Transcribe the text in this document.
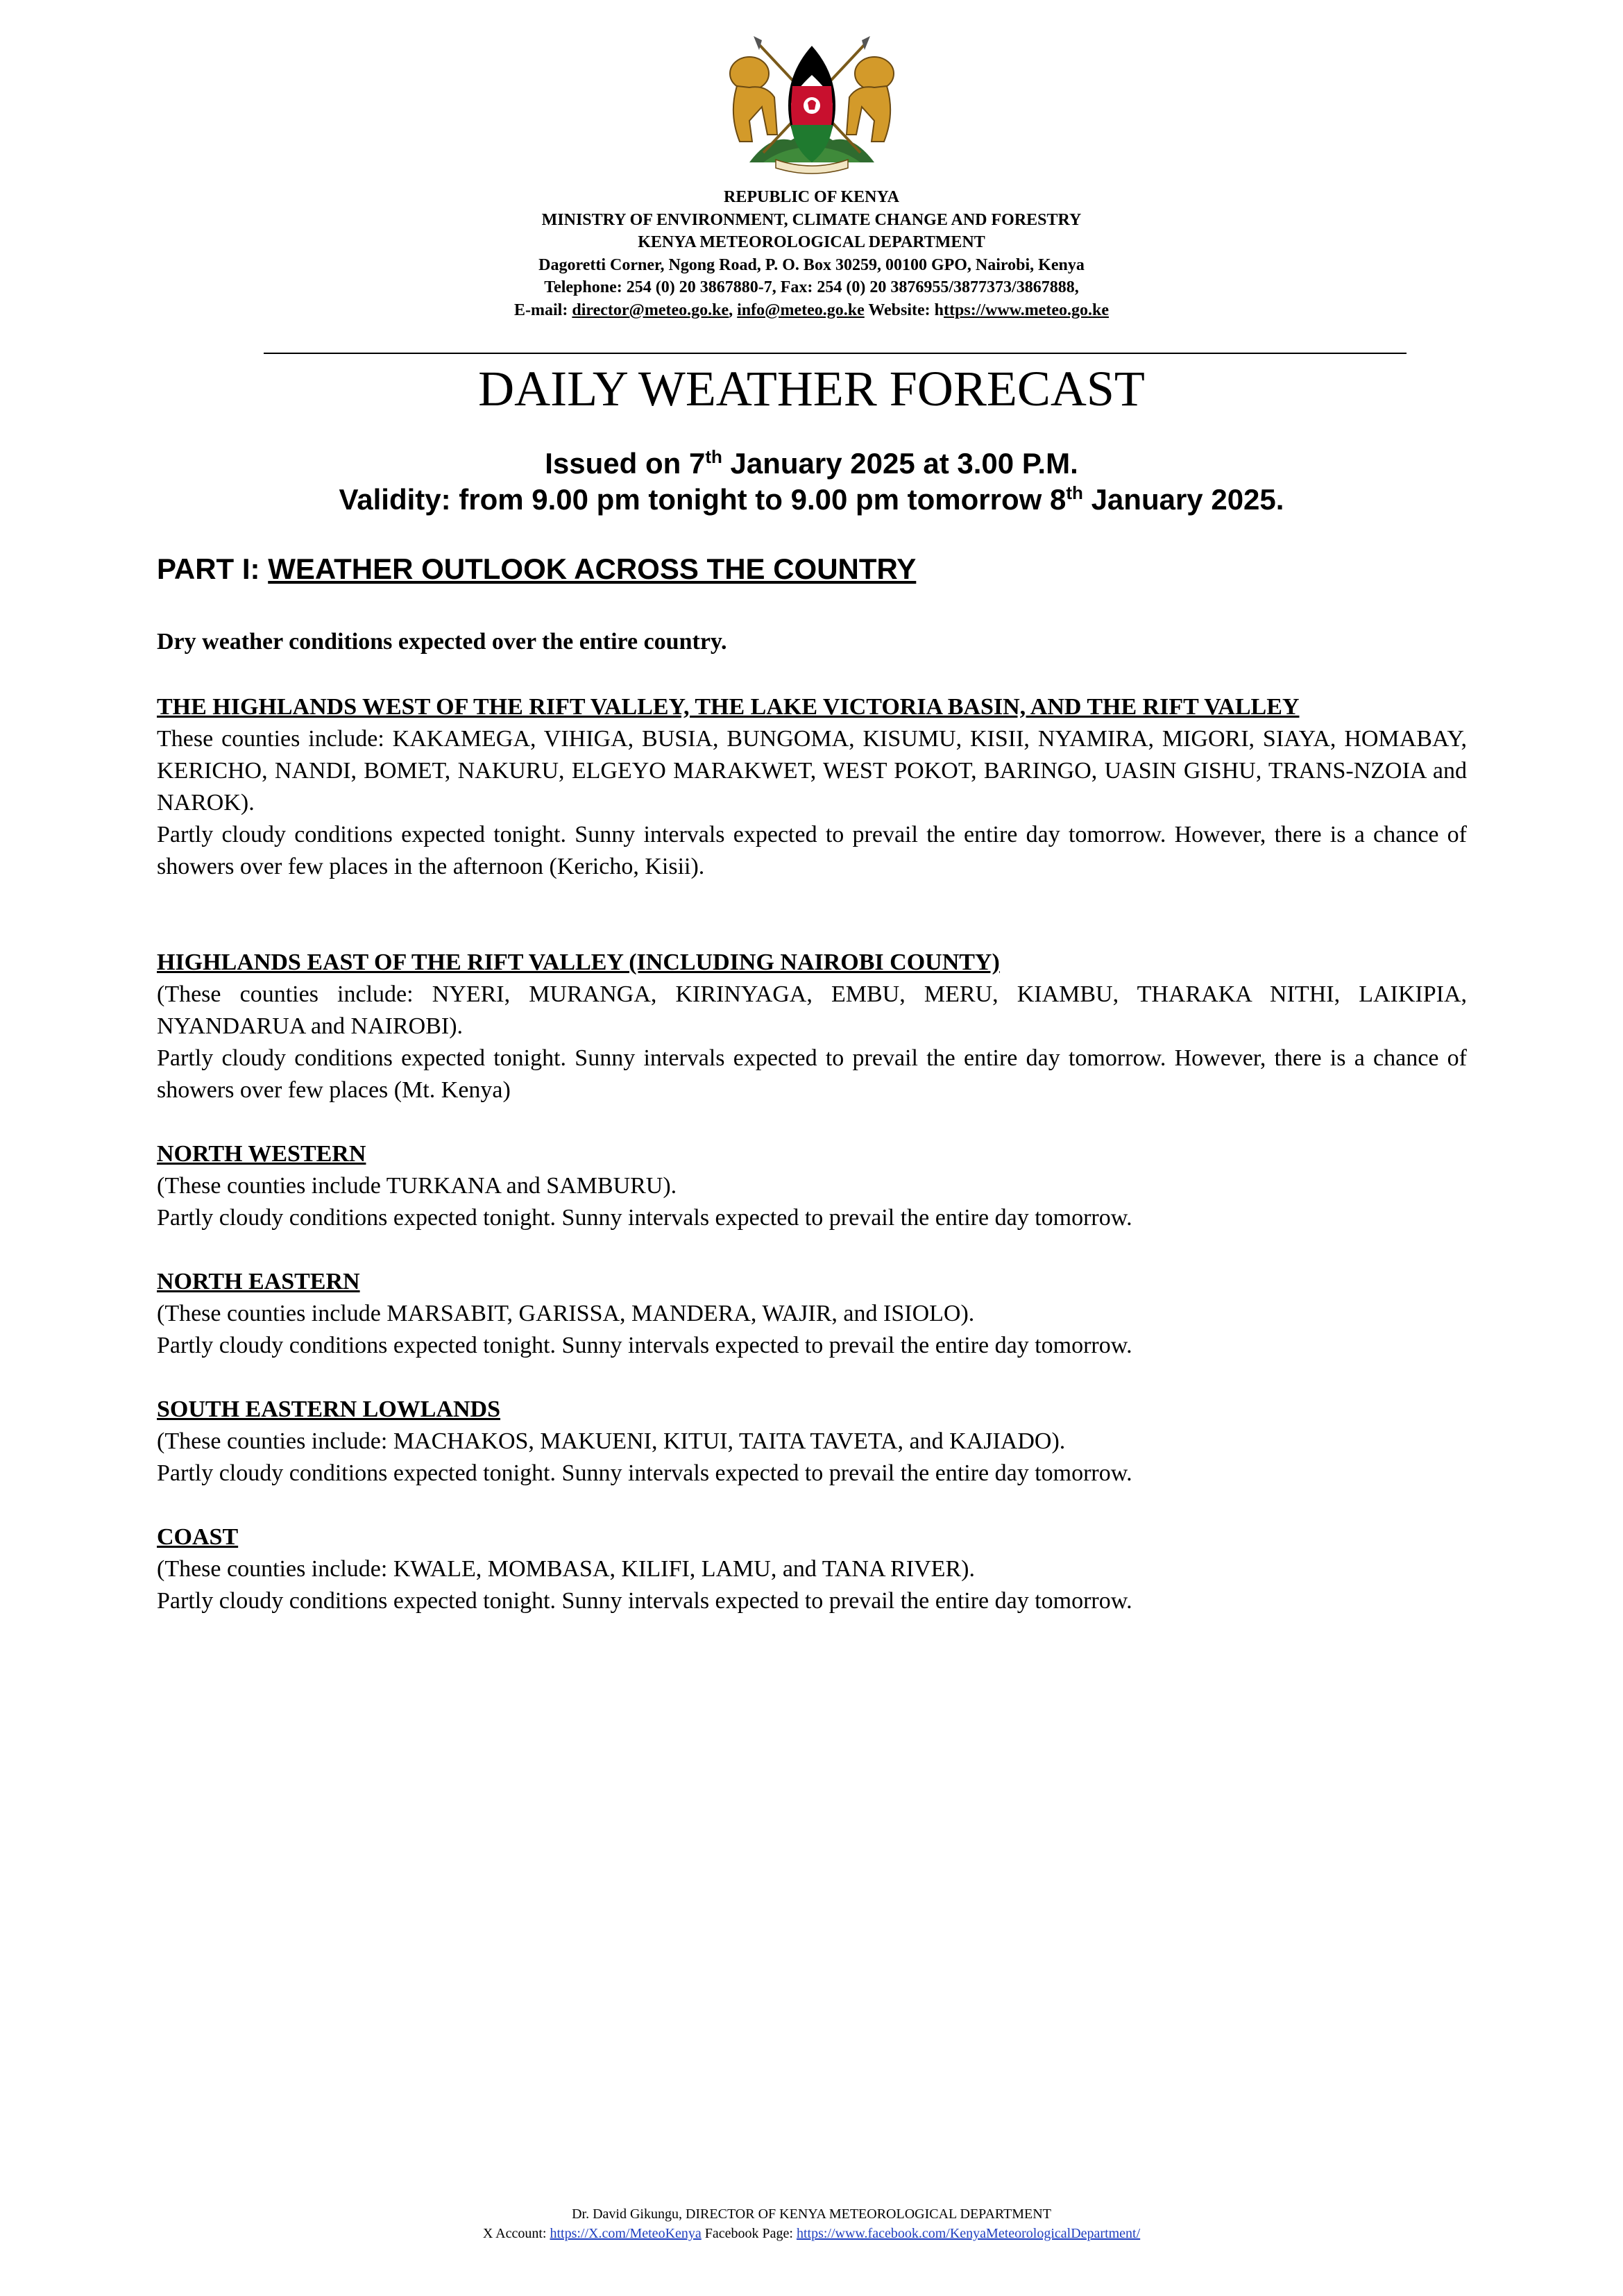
REPUBLIC OF KENYA
MINISTRY OF ENVIRONMENT, CLIMATE CHANGE AND FORESTRY
KENYA METEOROLOGICAL DEPARTMENT
Dagoretti Corner, Ngong Road, P. O. Box 30259, 00100 GPO, Nairobi, Kenya
Telephone: 254 (0) 20 3867880-7, Fax: 254 (0) 20 3876955/3877373/3867888,
E-mail: director@meteo.go.ke, info@meteo.go.ke Website: https://www.meteo.go.ke
DAILY WEATHER FORECAST
Issued on 7th January 2025 at 3.00 P.M.
Validity: from 9.00 pm tonight to 9.00 pm tomorrow 8th January 2025.
PART I: WEATHER OUTLOOK ACROSS THE COUNTRY
Dry weather conditions expected over the entire country.

THE HIGHLANDS WEST OF THE RIFT VALLEY, THE LAKE VICTORIA BASIN, AND THE RIFT VALLEY

These counties include: KAKAMEGA, VIHIGA, BUSIA, BUNGOMA, KISUMU, KISII, NYAMIRA, MIGORI, SIAYA, HOMABAY, KERICHO, NANDI, BOMET, NAKURU, ELGEYO MARAKWET, WEST POKOT, BARINGO, UASIN GISHU, TRANS-NZOIA and NAROK).

Partly cloudy conditions expected tonight. Sunny intervals expected to prevail the entire day tomorrow. However, there is a chance of showers over few places in the afternoon (Kericho, Kisii).

HIGHLANDS EAST OF THE RIFT VALLEY (INCLUDING NAIROBI COUNTY)

(These counties include: NYERI, MURANGA, KIRINYAGA, EMBU, MERU, KIAMBU, THARAKA NITHI, LAIKIPIA, NYANDARUA and NAIROBI).

Partly cloudy conditions expected tonight. Sunny intervals expected to prevail the entire day tomorrow. However, there is a chance of showers over few places (Mt. Kenya)

NORTH WESTERN

(These counties include TURKANA and SAMBURU).

Partly cloudy conditions expected tonight. Sunny intervals expected to prevail the entire day tomorrow.

NORTH EASTERN

(These counties include MARSABIT, GARISSA, MANDERA, WAJIR, and ISIOLO).

Partly cloudy conditions expected tonight. Sunny intervals expected to prevail the entire day tomorrow.

SOUTH EASTERN LOWLANDS

(These counties include: MACHAKOS, MAKUENI, KITUI, TAITA TAVETA, and KAJIADO).

Partly cloudy conditions expected tonight. Sunny intervals expected to prevail the entire day tomorrow.

COAST

(These counties include: KWALE, MOMBASA, KILIFI, LAMU, and TANA RIVER).

Partly cloudy conditions expected tonight. Sunny intervals expected to prevail the entire day tomorrow.

Dr. David Gikungu, DIRECTOR OF KENYA METEOROLOGICAL DEPARTMENT
X Account: https://X.com/MeteoKenya Facebook Page: https://www.facebook.com/KenyaMeteorologicalDepartment/
